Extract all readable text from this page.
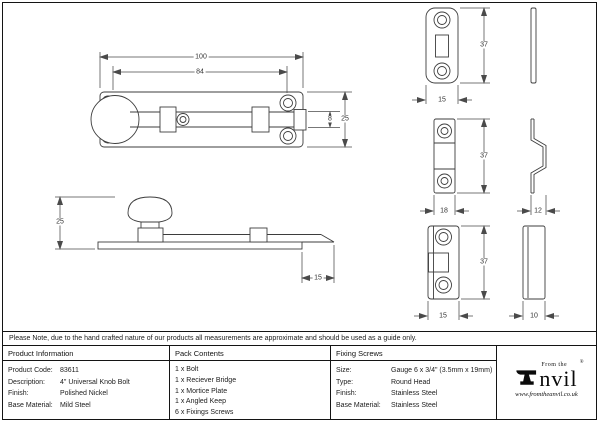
100
84
8 25
25
15
37
15
37
18	12
37
15	10
Please Note, due to the hand crafted nature of our products all measurements are approximate and should be used as a guide only.
Product Information
Product Code:	83611
Description:	4" Universal Knob Bolt
Finish:	Polished Nickel
Base Material:	Mild Steel
Pack Contents
1 x Bolt
1 x Reciever Bridge
1 x Mortice Plate
1 x Angled Keep
6 x Fixings Screws
Fixing Screws
Size:	Gauge 6 x 3/4" (3.5mm x 19mm)
Type:	Round Head
Finish:	Stainless Steel
Base Material:	Stainless Steel
From the	®
nvil
www.fromtheanvil.co.uk
